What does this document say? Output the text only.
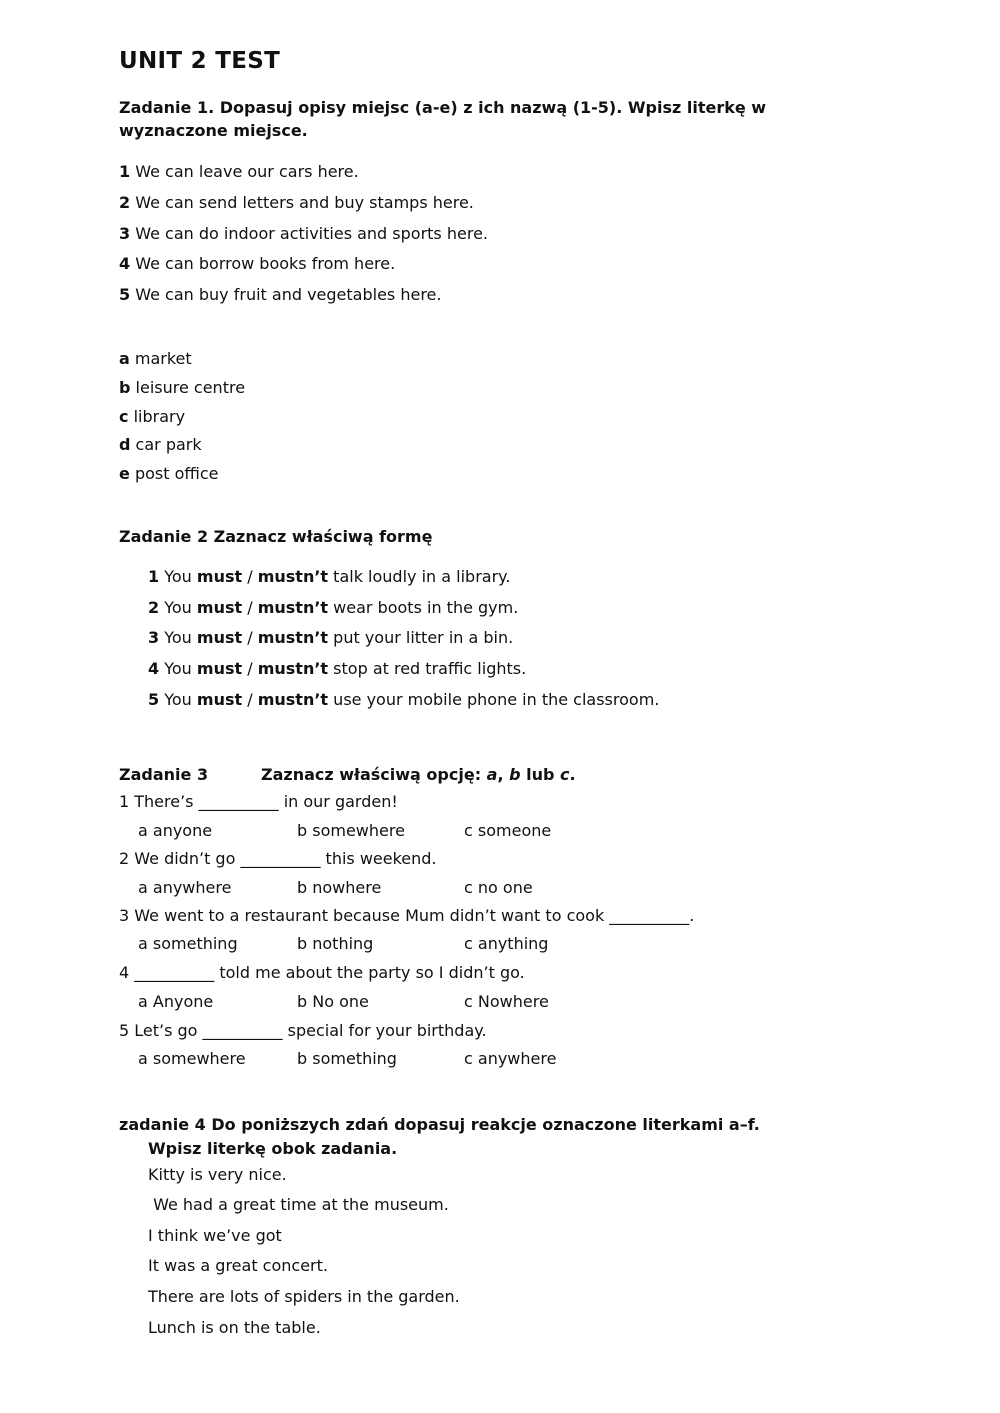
UNIT 2 TEST
Zadanie 1. Dopasuj opisy miejsc (a-e) z ich nazwą (1-5). Wpisz literkę w
wyznaczone miejsce.
1 We can leave our cars here.
2 We can send letters and buy stamps here.
3 We can do indoor activities and sports here.
4 We can borrow books from here.
5 We can buy fruit and vegetables here.
a market
b leisure centre
c library
d car park
e post office
Zadanie 2 Zaznacz właściwą formę
1 You must / mustn’t talk loudly in a library.
2 You must / mustn’t wear boots in the gym.
3 You must / mustn’t put your litter in a bin.
4 You must / mustn’t stop at red traffic lights.
5 You must / mustn’t use your mobile phone in the classroom.
Zadanie 3	Zaznacz właściwą opcję: a, b lub c.
1 There’s __________ in our garden!
a anyone	b somewhere	c someone
2 We didn’t go __________ this weekend.
a anywhere	b nowhere	c no one
3 We went to a restaurant because Mum didn’t want to cook __________.
a something	b nothing	c anything
4 __________ told me about the party so I didn’t go.
a Anyone	b No one	c Nowhere
5 Let’s go __________ special for your birthday.
a somewhere	b something	c anywhere
zadanie 4 Do poniższych zdań dopasuj reakcje oznaczone literkami a–f.
Wpisz literkę obok zadania.
Kitty is very nice.
We had a great time at the museum.
I think we’ve got
It was a great concert.
There are lots of spiders in the garden.
Lunch is on the table.
